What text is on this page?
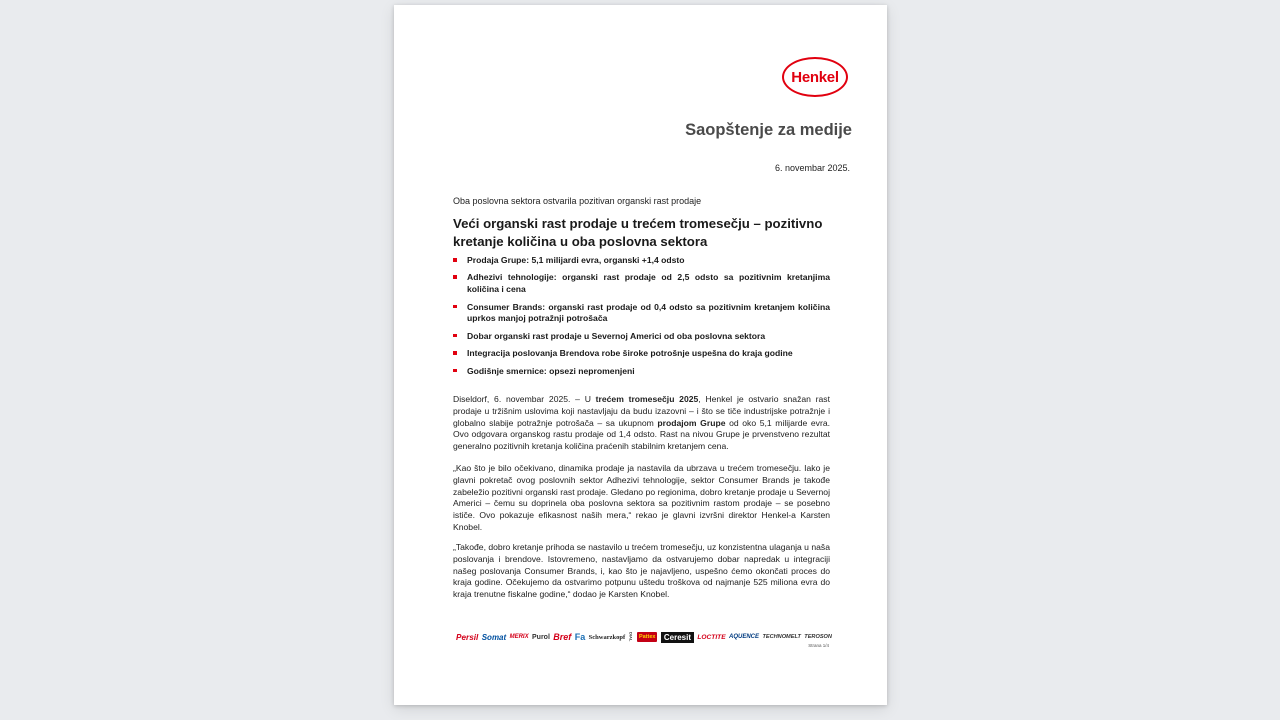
Henkel
Saopštenje za medije
6. novembar 2025.
Oba poslovna sektora ostvarila pozitivan organski rast prodaje
Veći organski rast prodaje u trećem tromesečju – pozitivno kretanje količina u oba poslovna sektora
Prodaja Grupe: 5,1 milijardi evra, organski +1,4 odsto
Adhezivi tehnologije: organski rast prodaje od 2,5 odsto sa pozitivnim kretanjima količina i cena
Consumer Brands: organski rast prodaje od 0,4 odsto sa pozitivnim kretanjem količina uprkos manjoj potražnji potrošača
Dobar organski rast prodaje u Severnoj Americi od oba poslovna sektora
Integracija poslovanja Brendova robe široke potrošnje uspešna do kraja godine
Godišnje smernice: opsezi nepromenjeni
Diseldorf, 6. novembar 2025. – U trećem tromesečju 2025, Henkel je ostvario snažan rast prodaje u tržišnim uslovima koji nastavljaju da budu izazovni – i što se tiče industrijske potražnje i globalno slabije potražnje potrošača – sa ukupnom prodajom Grupe od oko 5,1 milijarde evra. Ovo odgovara organskog rastu prodaje od 1,4 odsto. Rast na nivou Grupe je prvenstveno rezultat generalno pozitivnih kretanja količina praćenih stabilnim kretanjem cena.
„Kao što je bilo očekivano, dinamika prodaje ja nastavila da ubrzava u trećem tromesečju. Iako je glavni pokretač ovog poslovnih sektor Adhezivi tehnologije, sektor Consumer Brands je takođe zabeležio pozitivni organski rast prodaje. Gledano po regionima, dobro kretanje prodaje u Severnoj Americi – čemu su doprinela oba poslovna sektora sa pozitivnim rastom prodaje – se posebno ističe. Ovo pokazuje efikasnost naših mera,“ rekao je glavni izvršni direktor Henkel-a Karsten Knobel.
„Takođe, dobro kretanje prihoda se nastavilo u trećem tromesečju, uz konzistentna ulaganja u naša poslovanja i brendove. Istovremeno, nastavljamo da ostvarujemo dobar napredak u integraciji našeg poslovanja Consumer Brands, i, kao što je najavljeno, uspešno ćemo okončati proces do kraja godine. Očekujemo da ostvarimo potpunu uštedu troškova od najmanje 525 miliona evra do kraja trenutne fiskalne godine,“ dodao je Karsten Knobel.
Persil Somat MERIX Purol Bref Fa Schwarzkopf DIAL Pattex	Ceresit LOCTITE AQUENCE TECHNOMELT TEROSON
Strana 1/4
